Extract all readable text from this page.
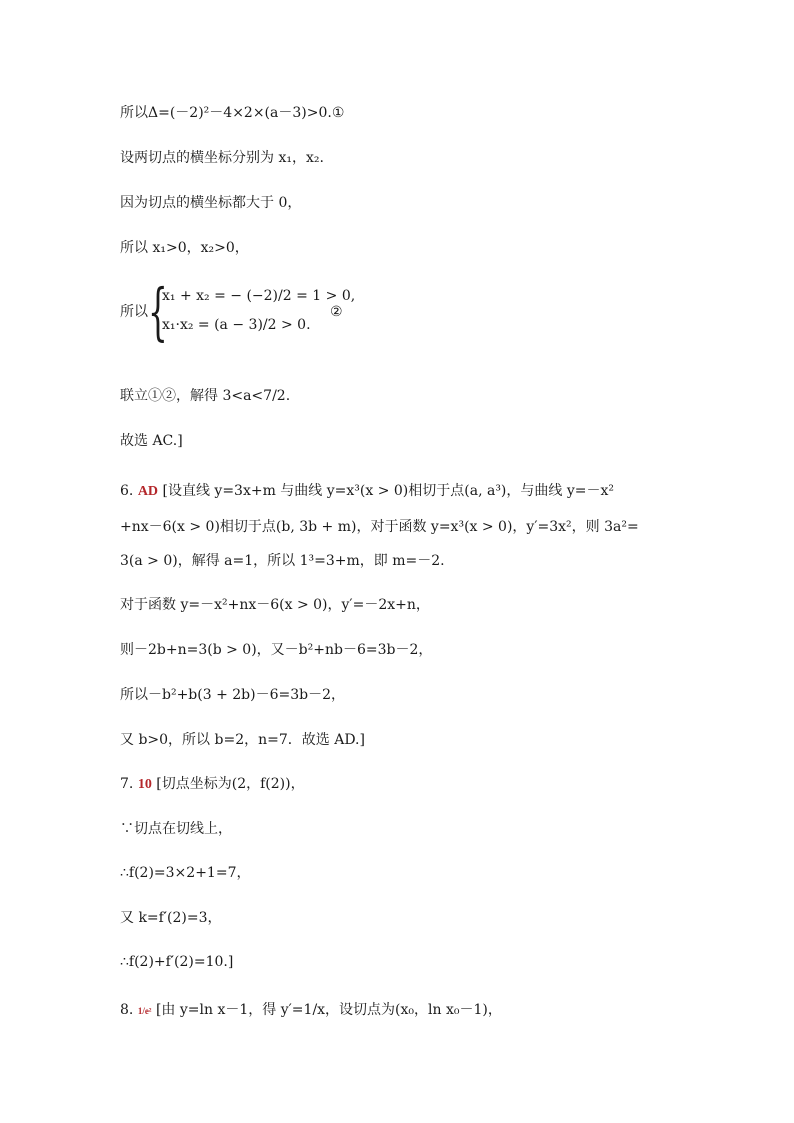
所以Δ=(－2)²－4×2×(a－3)>0.①
设两切点的横坐标分别为 x₁，x₂.
因为切点的横坐标都大于 0，
所以 x₁>0，x₂>0，
所以 {
x₁ + x₂ = − (−2)/2 = 1 > 0,
x₁·x₂ = (a − 3)/2 > 0.
②
联立①②，解得 3<a<7/2.
故选 AC.]
6. AD [设直线 y=3x+m 与曲线 y=x³(x > 0)相切于点(a, a³)，与曲线 y=－x²
+nx－6(x > 0)相切于点(b, 3b + m)，对于函数 y=x³(x > 0)，y′=3x²，则 3a²=
3(a > 0)，解得 a=1，所以 1³=3+m，即 m=－2.
对于函数 y=－x²+nx－6(x > 0)，y′=－2x+n，
则－2b+n=3(b > 0)，又－b²+nb－6=3b－2，
所以－b²+b(3 + 2b)－6=3b－2，
又 b>0，所以 b=2，n=7．故选 AD.]
7. 10 [切点坐标为(2，f(2))，
∵切点在切线上，
∴f(2)=3×2+1=7，
又 k=f′(2)=3，
∴f(2)+f′(2)=10.]
8. 1/e² [由 y=ln x－1，得 y′=1/x，设切点为(x₀，ln x₀－1)，
